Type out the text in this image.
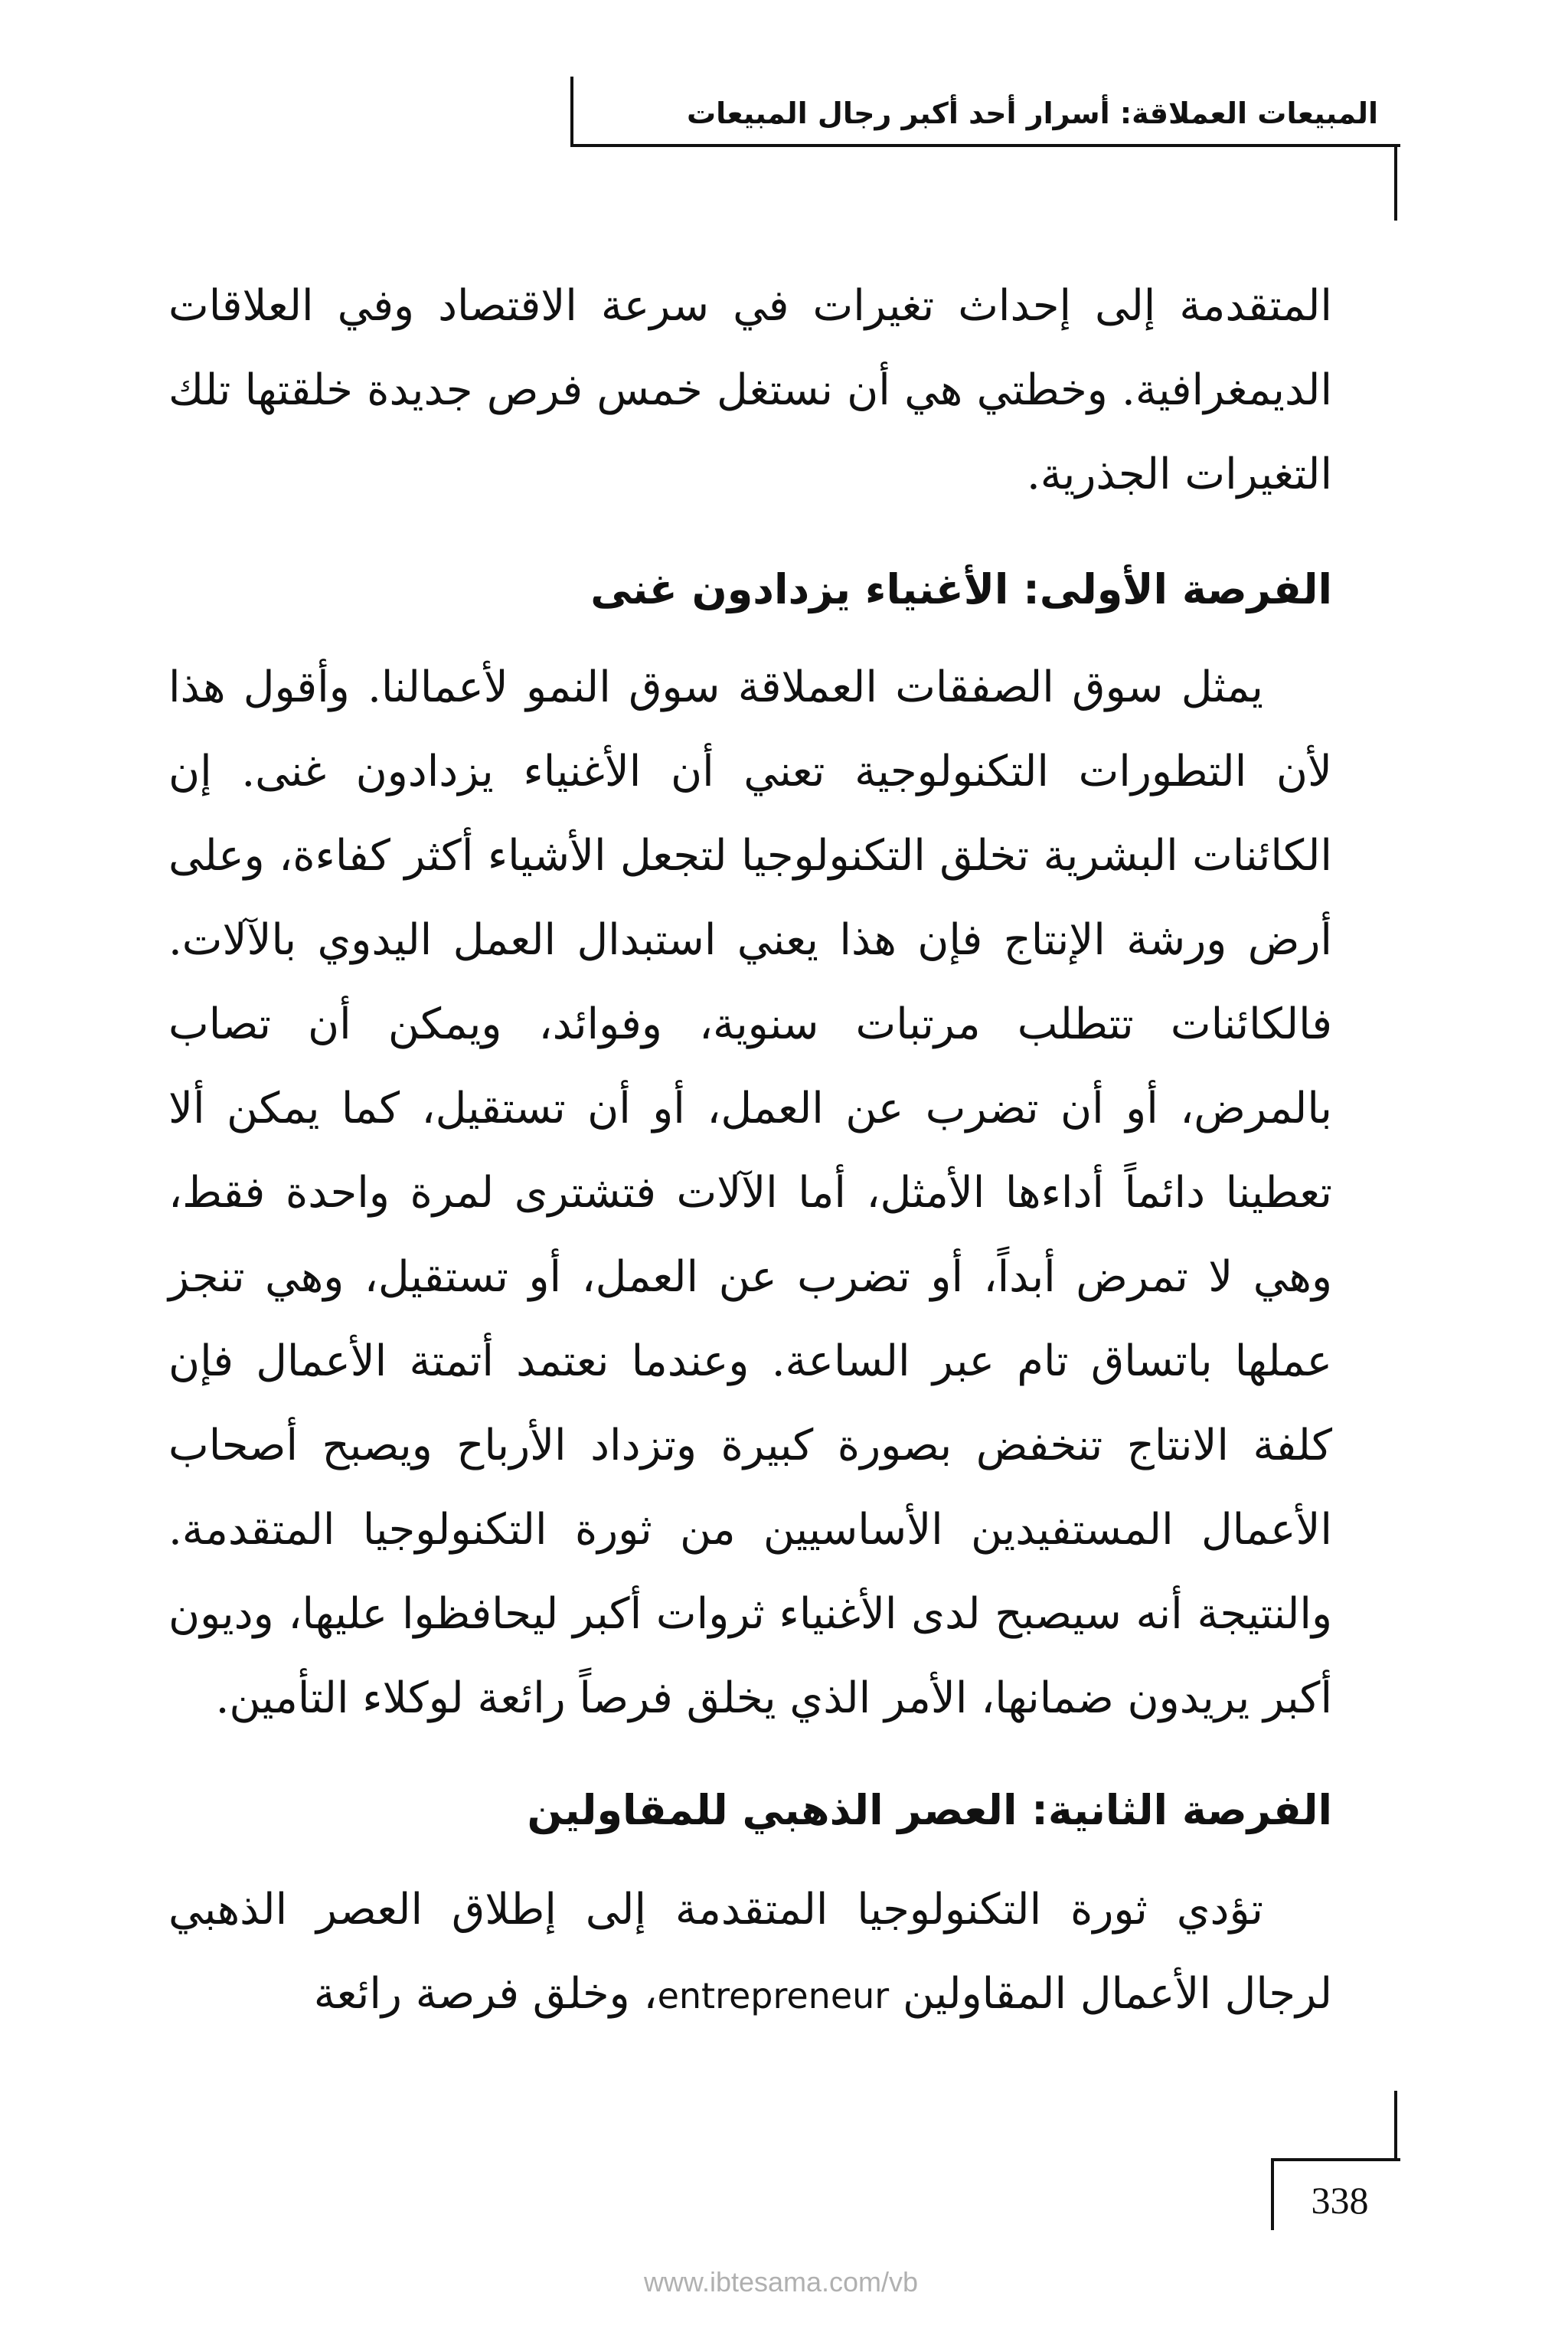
المبيعات العملاقة: أسرار أحد أكبر رجال المبيعات

المتقدمة إلى إحداث تغيرات في سرعة الاقتصاد وفي العلاقات الديمغرافية. وخطتي هي أن نستغل خمس فرص جديدة خلقتها تلك التغيرات الجذرية.

الفرصة الأولى: الأغنياء يزدادون غنى

يمثل سوق الصفقات العملاقة سوق النمو لأعمالنا. وأقول هذا لأن التطورات التكنولوجية تعني أن الأغنياء يزدادون غنى. إن الكائنات البشرية تخلق التكنولوجيا لتجعل الأشياء أكثر كفاءة، وعلى أرض ورشة الإنتاج فإن هذا يعني استبدال العمل اليدوي بالآلات. فالكائنات تتطلب مرتبات سنوية، وفوائد، ويمكن أن تصاب بالمرض، أو أن تضرب عن العمل، أو أن تستقيل، كما يمكن ألا تعطينا دائماً أداءها الأمثل، أما الآلات فتشترى لمرة واحدة فقط، وهي لا تمرض أبداً، أو تضرب عن العمل، أو تستقيل، وهي تنجز عملها باتساق تام عبر الساعة. وعندما نعتمد أتمتة الأعمال فإن كلفة الانتاج تنخفض بصورة كبيرة وتزداد الأرباح ويصبح أصحاب الأعمال المستفيدين الأساسيين من ثورة التكنولوجيا المتقدمة. والنتيجة أنه سيصبح لدى الأغنياء ثروات أكبر ليحافظوا عليها، وديون أكبر يريدون ضمانها، الأمر الذي يخلق فرصاً رائعة لوكلاء التأمين.

الفرصة الثانية: العصر الذهبي للمقاولين

تؤدي ثورة التكنولوجيا المتقدمة إلى إطلاق العصر الذهبي لرجال الأعمال المقاولين entrepreneur، وخلق فرصة رائعة

338
www.ibtesama.com/vb
